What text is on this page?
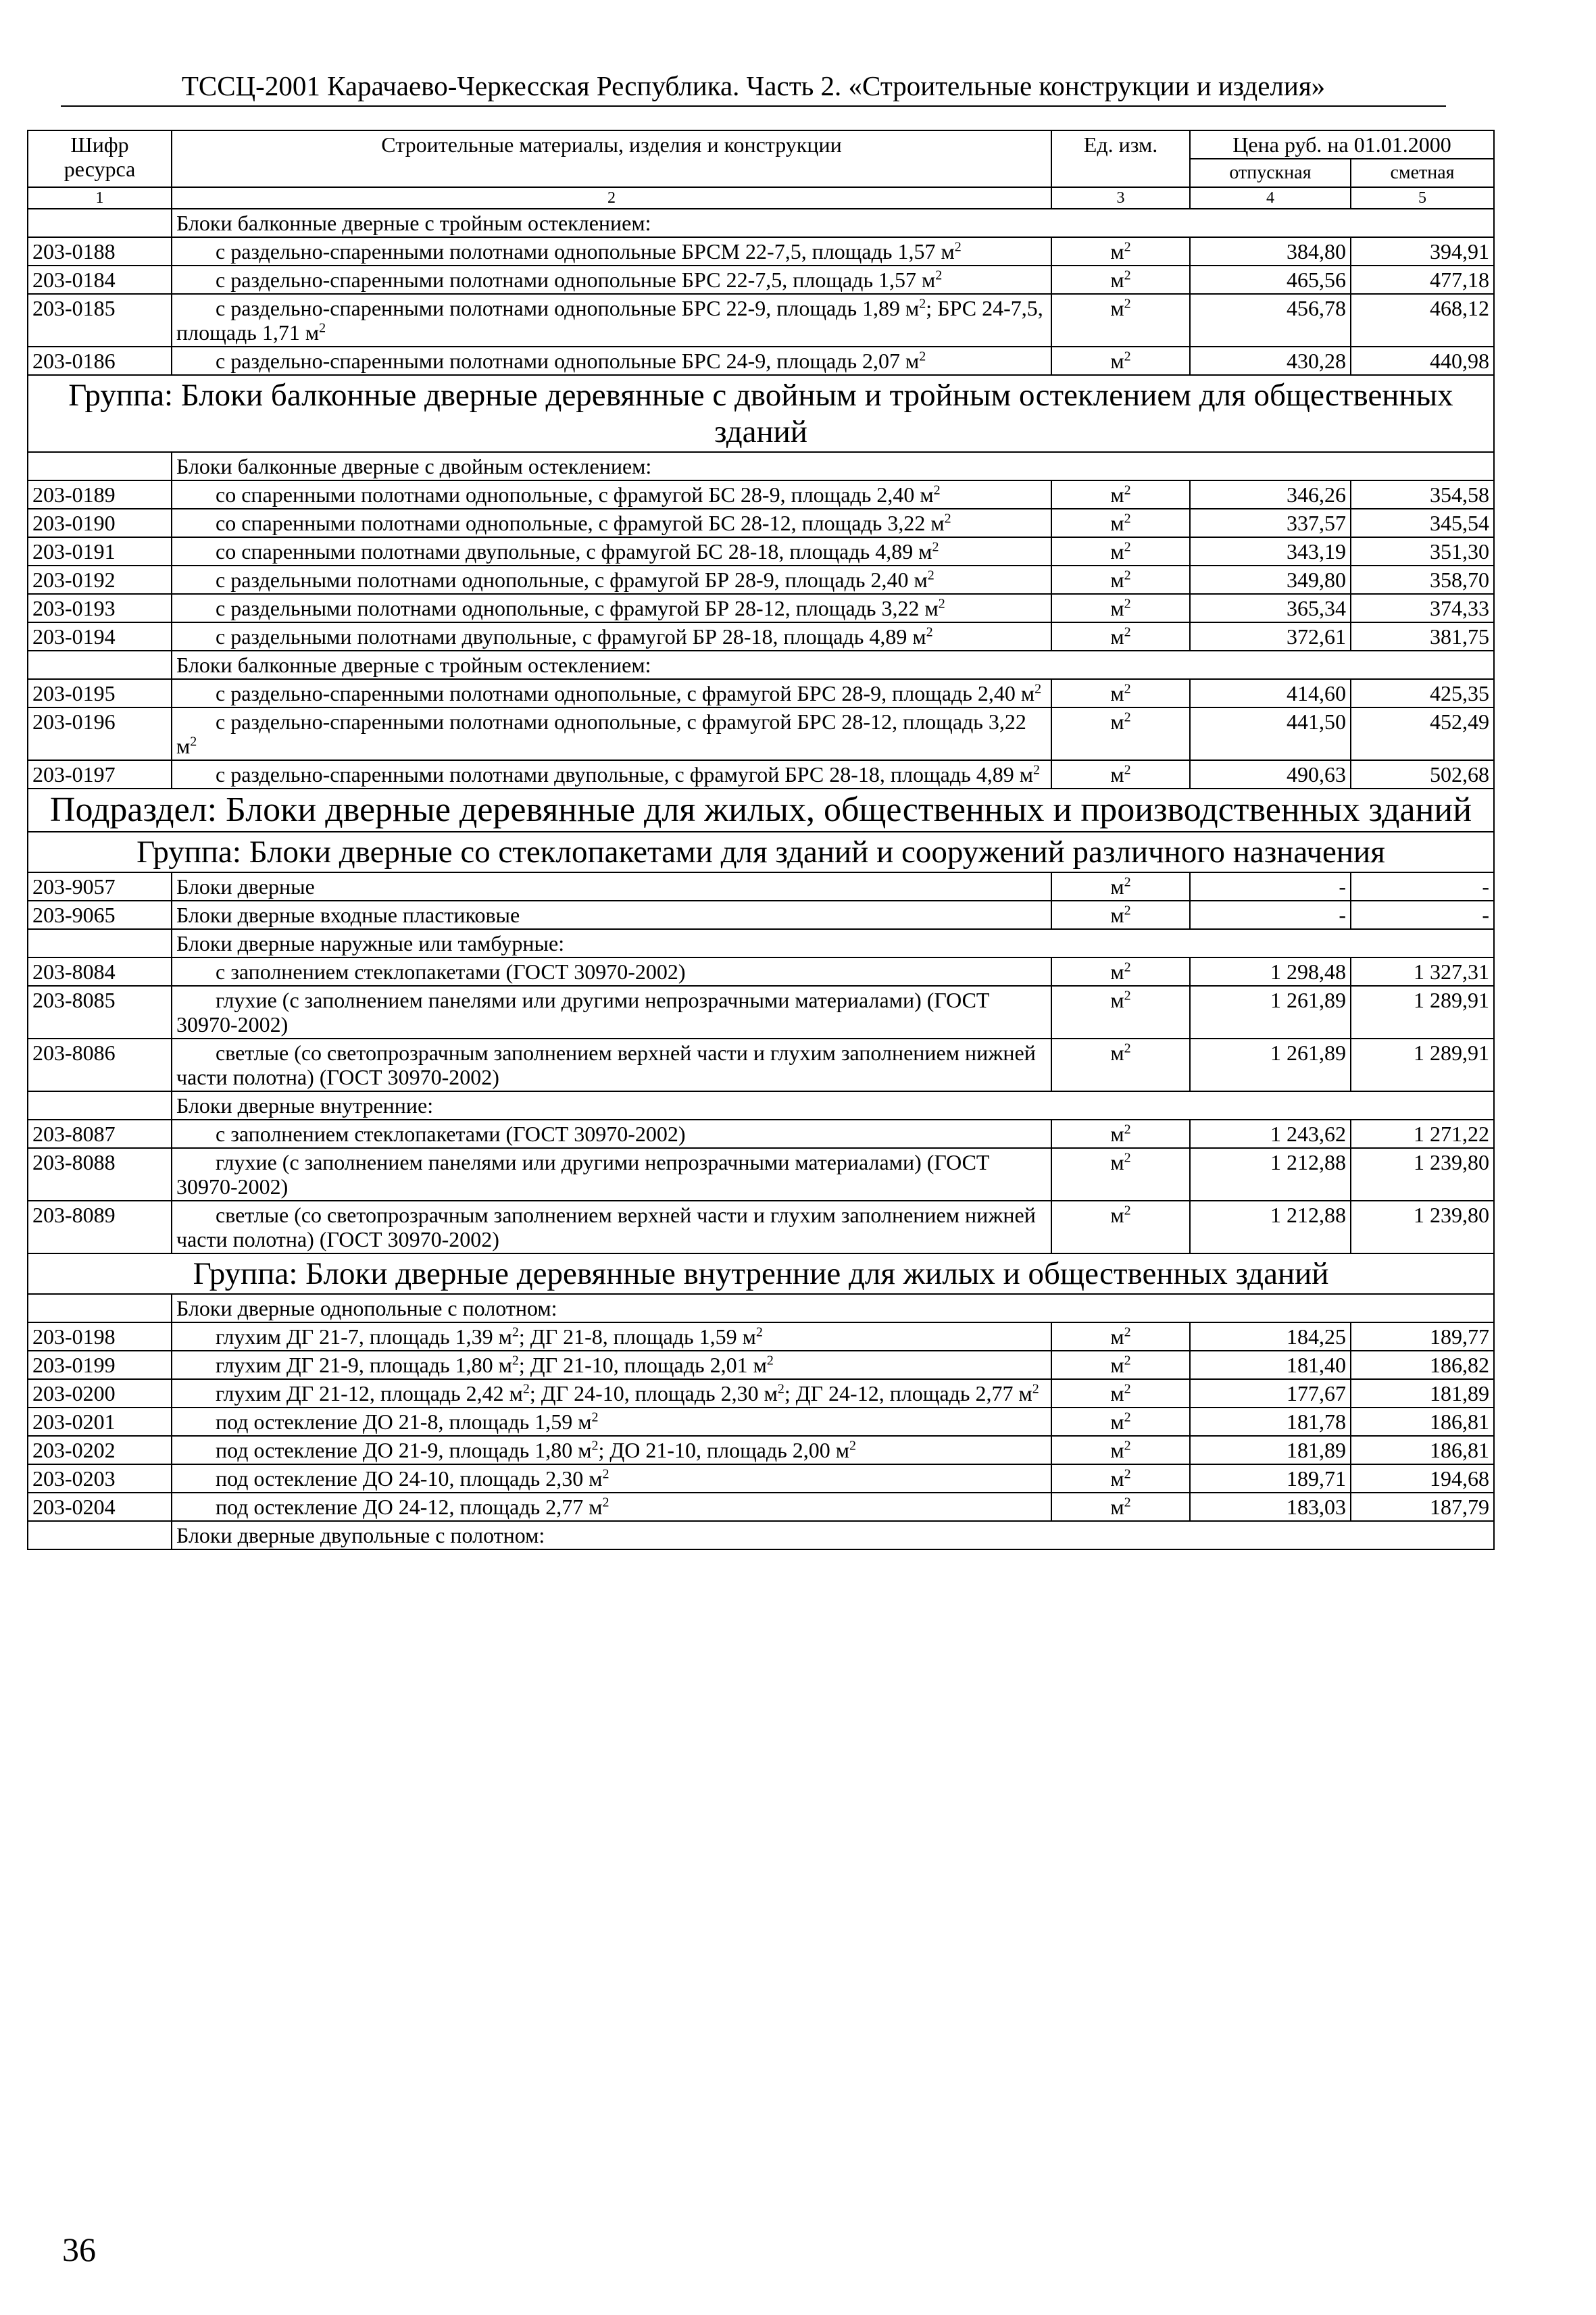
ТССЦ-2001 Карачаево-Черкесская Республика. Часть 2. «Строительные конструкции и изделия»
Шифр ресурса	Строительные материалы, изделия и конструкции	Ед. изм.	Цена руб. на 01.01.2000	
			отпускная	сметная
1	2	3	4	5
	Блоки балконные дверные с тройным остеклением:			
203-0188	с раздельно-спаренными полотнами однопольные БРСМ 22-7,5, площадь 1,57 $м^2$	$м^2$	384,80	394,91
203-0184	с раздельно-спаренными полотнами однопольные БРС 22-7,5, площадь 1,57 $м^2$	$м^2$	465,56	477,18
203-0185	с раздельно-спаренными полотнами однопольные БРС 22-9, площадь 1,89 $м^2$; БРС 24-7,5, площадь 1,71 $м^2$	$м^2$	456,78	468,12
203-0186	с раздельно-спаренными полотнами однопольные БРС 24-9, площадь 2,07 $м^2$	$м^2$	430,28	440,98
Группа: Блоки балконные дверные деревянные с двойным и тройным остеклением для общественных зданий				
	Блоки балконные дверные с двойным остеклением:			
203-0189	со спаренными полотнами однопольные, с фрамугой БС 28-9, площадь 2,40 $м^2$	$м^2$	346,26	354,58
203-0190	со спаренными полотнами однопольные, с фрамугой БС 28-12, площадь 3,22 $м^2$	$м^2$	337,57	345,54
203-0191	со спаренными полотнами двупольные, с фрамугой БС 28-18, площадь 4,89 $м^2$	$м^2$	343,19	351,30
203-0192	с раздельными полотнами однопольные, с фрамугой БР 28-9, площадь 2,40 $м^2$	$м^2$	349,80	358,70
203-0193	с раздельными полотнами однопольные, с фрамугой БР 28-12, площадь 3,22 $м^2$	$м^2$	365,34	374,33
203-0194	с раздельными полотнами двупольные, с фрамугой БР 28-18, площадь 4,89 $м^2$	$м^2$	372,61	381,75
	Блоки балконные дверные с тройным остеклением:			
203-0195	с раздельно-спаренными полотнами однопольные, с фрамугой БРС 28-9, площадь 2,40 $м^2$	$м^2$	414,60	425,35
203-0196	с раздельно-спаренными полотнами однопольные, с фрамугой БРС 28-12, площадь 3,22 $м^2$	$м^2$	441,50	452,49
203-0197	с раздельно-спаренными полотнами двупольные, с фрамугой БРС 28-18, площадь 4,89 $м^2$	$м^2$	490,63	502,68
Подраздел: Блоки дверные деревянные для жилых, общественных и производственных зданий				
Группа: Блоки дверные со стеклопакетами для зданий и сооружений различного назначения				
203-9057	Блоки дверные	$м^2$	-	-
203-9065	Блоки дверные входные пластиковые	$м^2$	-	-
	Блоки дверные наружные или тамбурные:			
203-8084	с заполнением стеклопакетами (ГОСТ 30970-2002)	$м^2$	1 298,48	1 327,31
203-8085	глухие (с заполнением панелями или другими непрозрачными материалами) (ГОСТ 30970-2002)	$м^2$	1 261,89	1 289,91
203-8086	светлые (со светопрозрачным заполнением верхней части и глухим заполнением нижней части полотна) (ГОСТ 30970-2002)	$м^2$	1 261,89	1 289,91
	Блоки дверные внутренние:			
203-8087	с заполнением стеклопакетами (ГОСТ 30970-2002)	$м^2$	1 243,62	1 271,22
203-8088	глухие (с заполнением панелями или другими непрозрачными материалами) (ГОСТ 30970-2002)	$м^2$	1 212,88	1 239,80
203-8089	светлые (со светопрозрачным заполнением верхней части и глухим заполнением нижней части полотна) (ГОСТ 30970-2002)	$м^2$	1 212,88	1 239,80
Группа: Блоки дверные деревянные внутренние для жилых и общественных зданий				
	Блоки дверные однопольные с полотном:			
203-0198	глухим ДГ 21-7, площадь 1,39 $м^2$; ДГ 21-8, площадь 1,59 $м^2$	$м^2$	184,25	189,77
203-0199	глухим ДГ 21-9, площадь 1,80 $м^2$; ДГ 21-10, площадь 2,01 $м^2$	$м^2$	181,40	186,82
203-0200	глухим ДГ 21-12, площадь 2,42 $м^2$; ДГ 24-10, площадь 2,30 $м^2$; ДГ 24-12, площадь 2,77 $м^2$	$м^2$	177,67	181,89
203-0201	под остекление ДО 21-8, площадь 1,59 $м^2$	$м^2$	181,78	186,81
203-0202	под остекление ДО 21-9, площадь 1,80 $м^2$; ДО 21-10, площадь 2,00 $м^2$	$м^2$	181,89	186,81
203-0203	под остекление ДО 24-10, площадь 2,30 $м^2$	$м^2$	189,71	194,68
203-0204	под остекление ДО 24-12, площадь 2,77 $м^2$	$м^2$	183,03	187,79
	Блоки дверные двупольные с полотном:			
36
